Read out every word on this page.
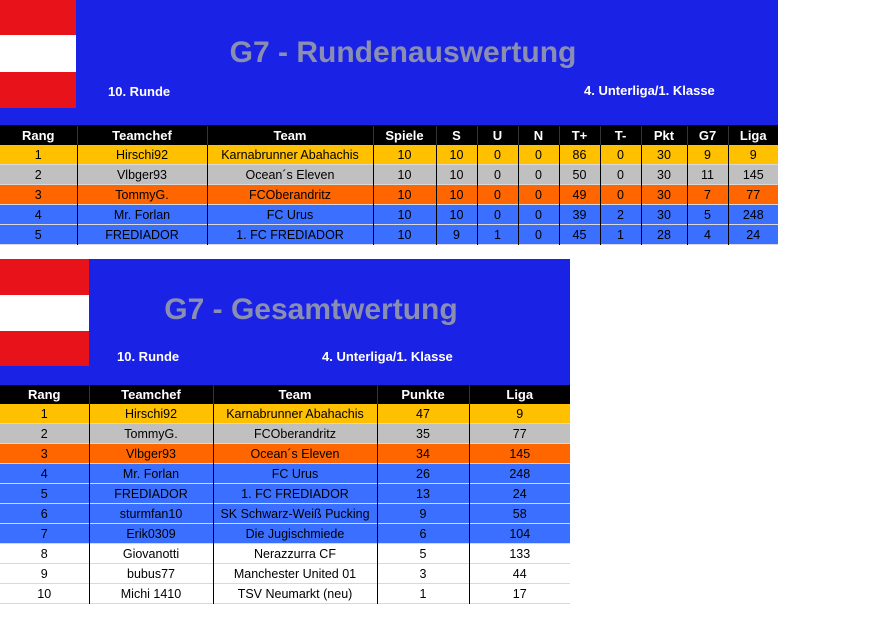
G7 - Rundenauswertung
10. Runde	4. Unterliga/1. Klasse
Rang	Teamchef	Team	Spiele	S	U	N	T+	T-	Pkt	G7	Liga
1	Hirschi92	Karnabrunner Abahachis	10	10	0	0	86	0	30	9	9
2	Vlbger93	Ocean´s Eleven	10	10	0	0	50	0	30	11	145
3	TommyG.	FCOberandritz	10	10	0	0	49	0	30	7	77
4	Mr. Forlan	FC Urus	10	10	0	0	39	2	30	5	248
5	FREDIADOR	1. FC FREDIADOR	10	9	1	0	45	1	28	4	24
G7 - Gesamtwertung
10. Runde	4. Unterliga/1. Klasse
Rang	Teamchef	Team	Punkte	Liga
1	Hirschi92	Karnabrunner Abahachis	47	9
2	TommyG.	FCOberandritz	35	77
3	Vlbger93	Ocean´s Eleven	34	145
4	Mr. Forlan	FC Urus	26	248
5	FREDIADOR	1. FC FREDIADOR	13	24
6	sturmfan10	SK Schwarz-Weiß Pucking	9	58
7	Erik0309	Die Jugischmiede	6	104
8	Giovanotti	Nerazzurra CF	5	133
9	bubus77	Manchester United 01	3	44
10	Michi 1410	TSV Neumarkt (neu)	1	17
